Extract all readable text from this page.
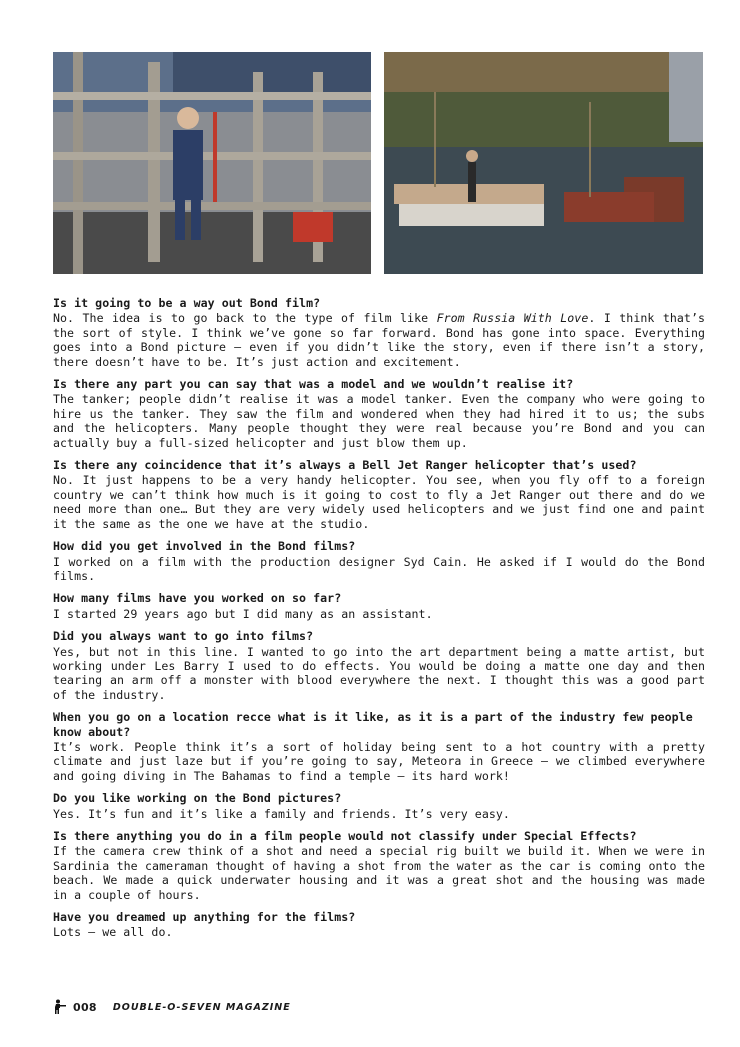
Is it going to be a way out Bond film?

No. The idea is to go back to the type of film like From Russia With Love. I think that’s the sort of style. I think we’ve gone so far forward. Bond has gone into space. Everything goes into a Bond picture – even if you didn’t like the story, even if there isn’t a story, there doesn’t have to be. It’s just action and excitement.

Is there any part you can say that was a model and we wouldn’t realise it?

The tanker; people didn’t realise it was a model tanker. Even the company who were going to hire us the tanker. They saw the film and wondered when they had hired it to us; the subs and the helicopters. Many people thought they were real because you’re Bond and you can actually buy a full-sized helicopter and just blow them up.

Is there any coincidence that it’s always a Bell Jet Ranger helicopter that’s used?

No. It just happens to be a very handy helicopter. You see, when you fly off to a foreign country we can’t think how much is it going to cost to fly a Jet Ranger out there and do we need more than one… But they are very widely used helicopters and we just find one and paint it the same as the one we have at the studio.

How did you get involved in the Bond films?

I worked on a film with the production designer Syd Cain. He asked if I would do the Bond films.

How many films have you worked on so far?

I started 29 years ago but I did many as an assistant.

Did you always want to go into films?

Yes, but not in this line. I wanted to go into the art department being a matte artist, but working under Les Barry I used to do effects. You would be doing a matte one day and then tearing an arm off a monster with blood everywhere the next. I thought this was a good part of the industry.

When you go on a location recce what is it like, as it is a part of the industry few people know about?

It’s work. People think it’s a sort of holiday being sent to a hot country with a pretty climate and just laze but if you’re going to say, Meteora in Greece – we climbed everywhere and going diving in The Bahamas to find a temple – its hard work!

Do you like working on the Bond pictures?

Yes. It’s fun and it’s like a family and friends. It’s very easy.

Is there anything you do in a film people would not classify under Special Effects?

If the camera crew think of a shot and need a special rig built we build it. When we were in Sardinia the cameraman thought of having a shot from the water as the car is coming onto the beach. We made a quick underwater housing and it was a great shot and the housing was made in a couple of hours.

Have you dreamed up anything for the films?

Lots – we all do.

008 DOUBLE-O-SEVEN MAGAZINE
